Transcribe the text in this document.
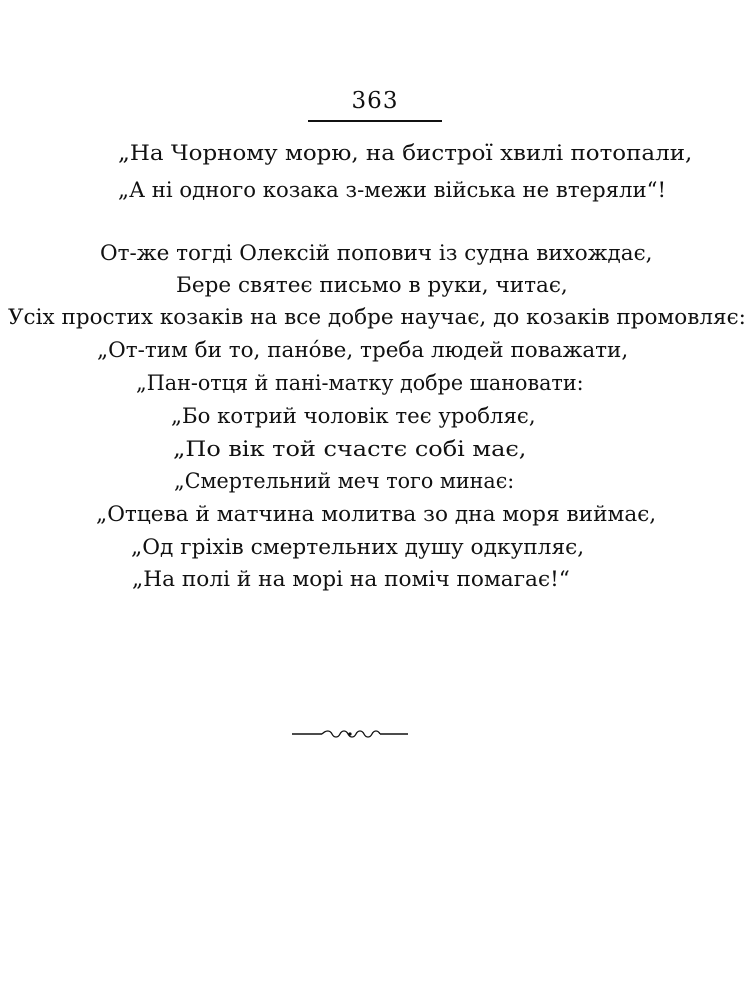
363
„На Чорному морю, на бистрої хвилі потопали,
„А ні одного козака з-межи війська не втеряли“!
От-же тогді Олексій попович із судна вихождає,
Бере святеє письмо в руки, читає,
Усіх простих козаків на все добре научає, до козаків промовляє:
„От-тим би то, панóве, треба людей поважати,
„Пан-отця й пані-матку добре шановати:
„Бо котрий чоловік теє уробляє,
„По вік той счастє собі має,
„Смертельний меч того минає:
„Отцева й матчина молитва зо дна моря виймає,
„Од гріхів смертельних душу одкупляє,
„На полі й на морі на поміч помагає!“
